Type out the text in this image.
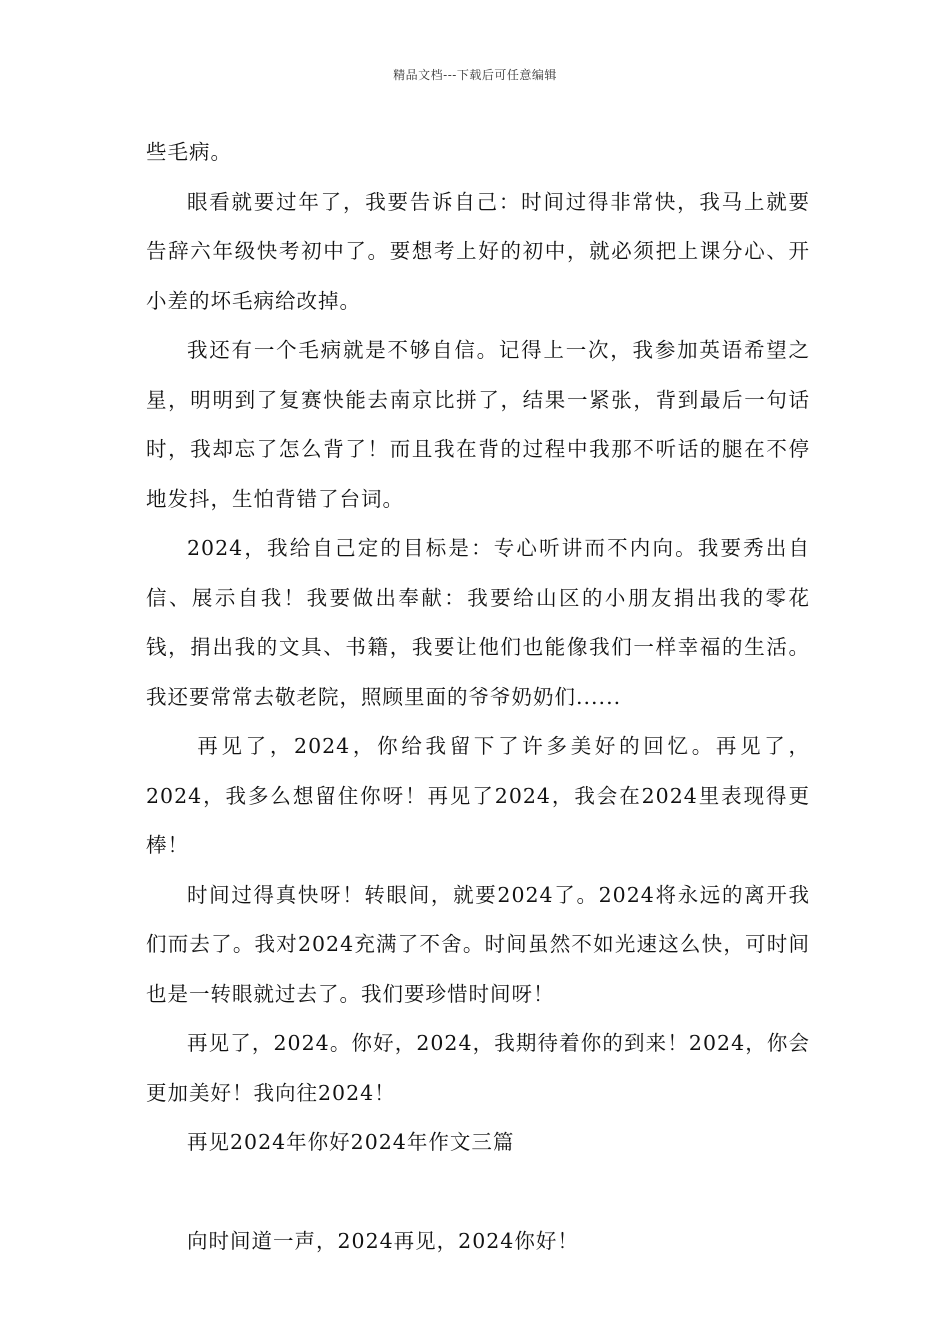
精品文档---下载后可任意编辑

些毛病。

眼看就要过年了，我要告诉自己：时间过得非常快，我马上就要告辞六年级快考初中了。要想考上好的初中，就必须把上课分心、开小差的坏毛病给改掉。

我还有一个毛病就是不够自信。记得上一次，我参加英语希望之星，明明到了复赛快能去南京比拼了，结果一紧张，背到最后一句话时，我却忘了怎么背了！而且我在背的过程中我那不听话的腿在不停地发抖，生怕背错了台词。

2024，我给自己定的目标是：专心听讲而不内向。我要秀出自信、展示自我！我要做出奉献：我要给山区的小朋友捐出我的零花钱，捐出我的文具、书籍，我要让他们也能像我们一样幸福的生活。我还要常常去敬老院，照顾里面的爷爷奶奶们......

再见了，2024，你给我留下了许多美好的回忆。再见了，2024，我多么想留住你呀！再见了2024，我会在2024里表现得更棒！

时间过得真快呀！转眼间，就要2024了。2024将永远的离开我们而去了。我对2024充满了不舍。时间虽然不如光速这么快，可时间也是一转眼就过去了。我们要珍惜时间呀！

再见了，2024。你好，2024，我期待着你的到来！2024，你会更加美好！我向往2024！

再见2024年你好2024年作文三篇

向时间道一声，2024再见，2024你好！
